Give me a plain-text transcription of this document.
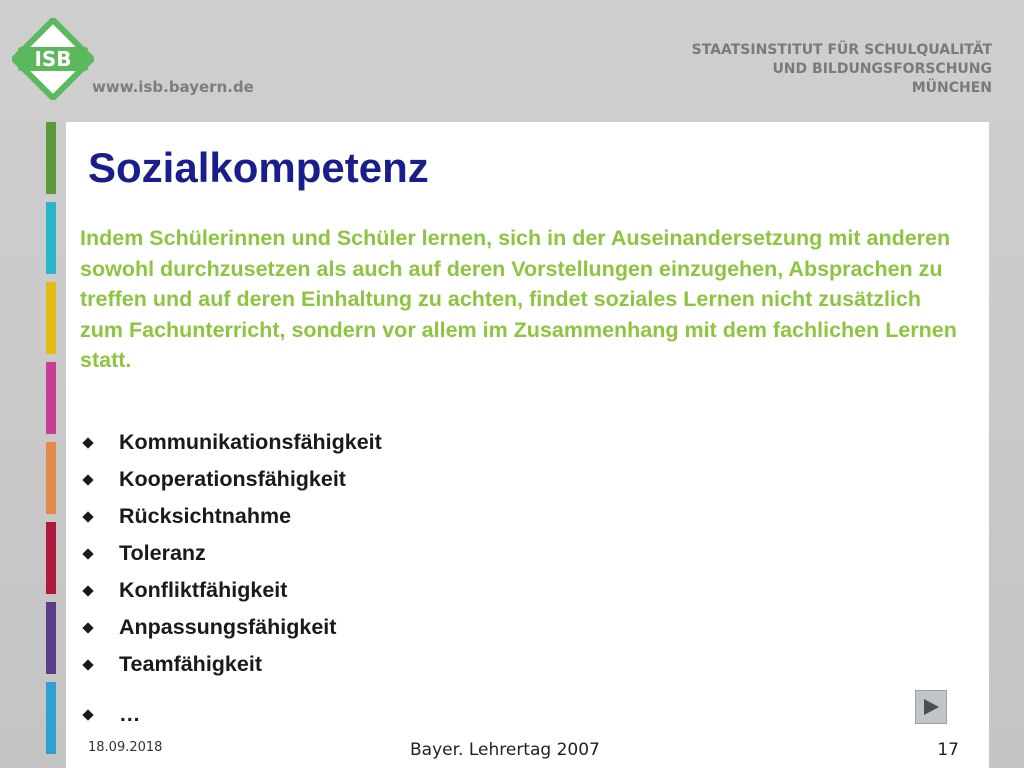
ISB
www.isb.bayern.de
STAATSINSTITUT FÜR SCHULQUALITÄT
UND BILDUNGSFORSCHUNG
MÜNCHEN
Sozialkompetenz

Indem Schülerinnen und Schüler lernen, sich in der Auseinandersetzung mit anderen sowohl durchzusetzen als auch auf deren Vorstellungen einzugehen, Absprachen zu treffen und auf deren Einhaltung zu achten, findet soziales Lernen nicht zusätzlich zum Fachunterricht, sondern vor allem im Zusammenhang mit dem fachlichen Lernen statt.

Kommunikationsfähigkeit
Kooperationsfähigkeit
Rücksichtnahme
Toleranz
Konfliktfähigkeit
Anpassungsfähigkeit
Teamfähigkeit
…
18.09.2018	Bayer. Lehrertag 2007	17
